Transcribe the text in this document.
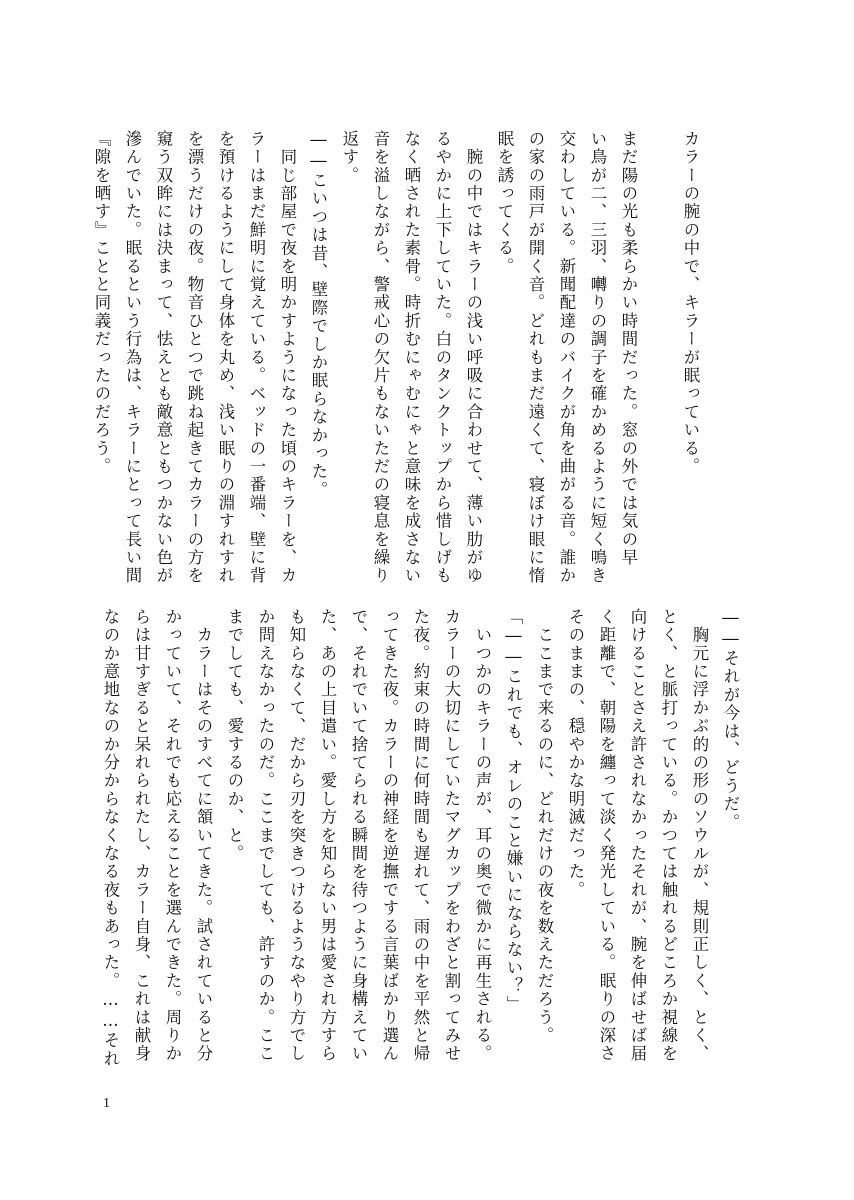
カラーの腕の中で、キラーが眠っている。

まだ陽の光も柔らかい時間だった。窓の外では気の早
い鳥が二、三羽、囀りの調子を確かめるように短く鳴き
交わしている。新聞配達のバイクが角を曲がる音。誰か
の家の雨戸が開く音。どれもまだ遠くて、寝ぼけ眼に惰
眠を誘ってくる。
　腕の中ではキラーの浅い呼吸に合わせて、薄い肋がゆ
るやかに上下していた。白のタンクトップから惜しげも
なく晒された素骨。時折むにゃむにゃと意味を成さない
音を溢しながら、警戒心の欠片もないただの寝息を繰り
返す。
――こいつは昔、壁際でしか眠らなかった。
　同じ部屋で夜を明かすようになった頃のキラーを、カ
ラーはまだ鮮明に覚えている。ベッドの一番端、壁に背
を預けるようにして身体を丸め、浅い眠りの淵すれすれ
を漂うだけの夜。物音ひとつで跳ね起きてカラーの方を
窺う双眸には決まって、怯えとも敵意ともつかない色が
滲んでいた。眠るという行為は、キラーにとって長い間
『隙を晒す』ことと同義だったのだろう。
――それが今は、どうだ。
　胸元に浮かぶ的の形のソウルが、規則正しく、とく、
とく、と脈打っている。かつては触れるどころか視線を
向けることさえ許されなかったそれが、腕を伸ばせば届
く距離で、朝陽を纏って淡く発光している。眠りの深さ
そのままの、穏やかな明滅だった。
　ここまで来るのに、どれだけの夜を数えただろう。
「――これでも、オレのこと嫌いにならない？」
　いつかのキラーの声が、耳の奥で微かに再生される。
カラーの大切にしていたマグカップをわざと割ってみせ
た夜。約束の時間に何時間も遅れて、雨の中を平然と帰
ってきた夜。カラーの神経を逆撫でする言葉ばかり選ん
で、それでいて捨てられる瞬間を待つように身構えてい
た、あの上目遣い。愛し方を知らない男は愛され方すら
も知らなくて、だから刃を突きつけるようなやり方でし
か問えなかったのだ。ここまでしても、許すのか。ここ
までしても、愛するのか、と。
　カラーはそのすべてに頷いてきた。試されていると分
かっていて、それでも応えることを選んできた。周りか
らは甘すぎると呆れられたし、カラー自身、これは献身
なのか意地なのか分からなくなる夜もあった。……それ
1
